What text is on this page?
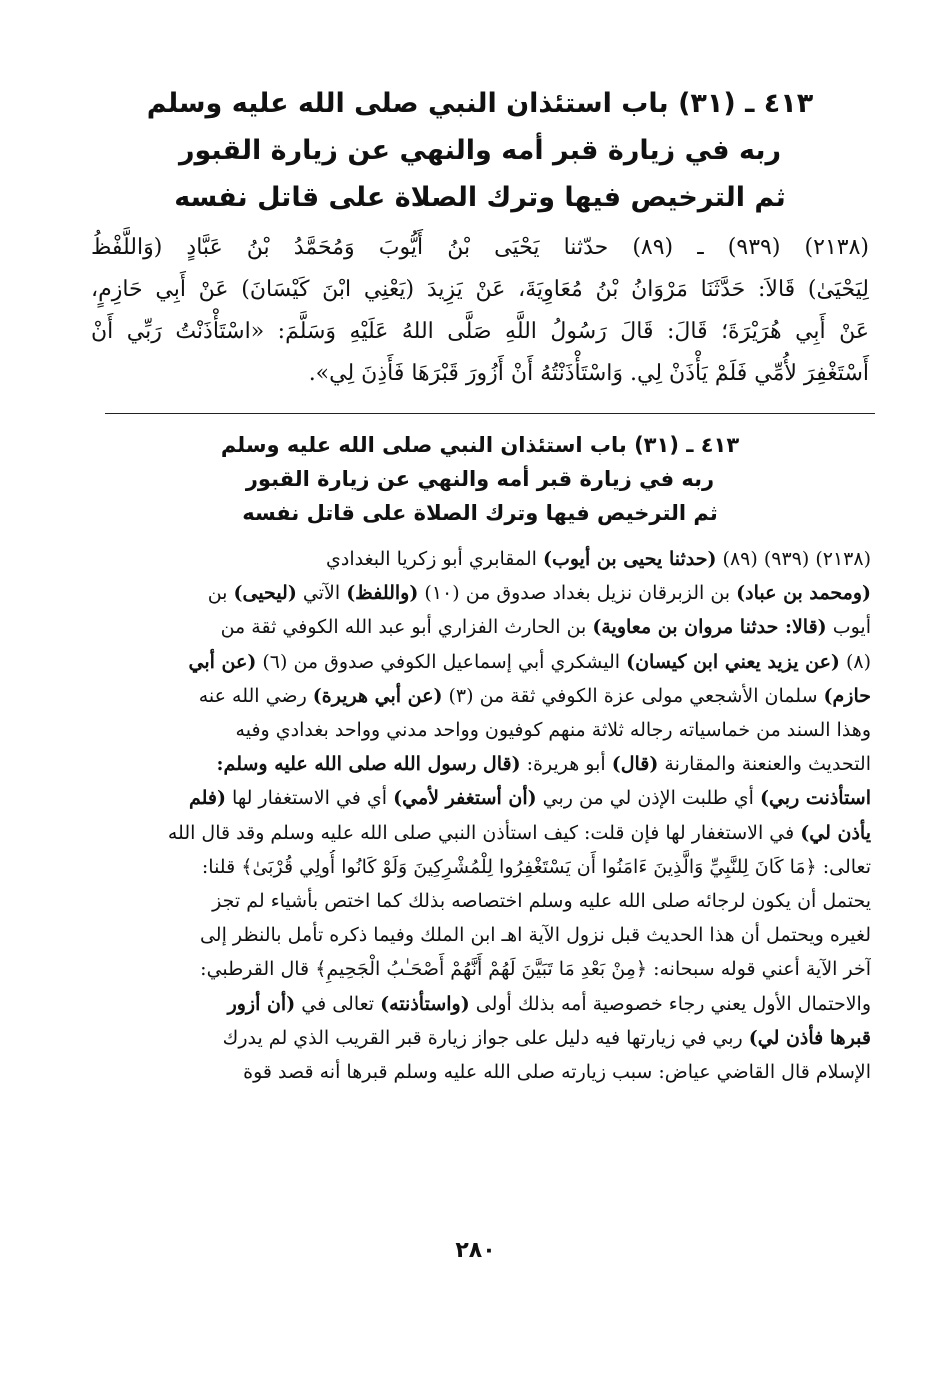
٤١٣ ـ (٣١) باب استئذان النبي صلى الله عليه وسلم
ربه في زيارة قبر أمه والنهي عن زيارة القبور
ثم الترخيص فيها وترك الصلاة على قاتل نفسه
(٢١٣٨) (٩٣٩) ـ (٨٩) حدّثنا يَحْيَى بْنُ أَيُّوبَ وَمُحَمَّدُ بْنُ عَبَّادٍ (وَاللَّفْظُ
لِيَحْيَىٰ) قَالاَ: حَدَّثَنَا مَرْوَانُ بْنُ مُعَاوِيَةَ، عَنْ يَزِيدَ (يَعْنِي ابْنَ كَيْسَانَ) عَنْ أَبِي حَازِمٍ،
عَنْ أَبِي هُرَيْرَةَ؛ قَالَ: قَالَ رَسُولُ اللَّهِ صَلَّى اللهُ عَلَيْهِ وَسَلَّمَ: «اسْتَأْذَنْتُ رَبِّي أَنْ
أَسْتَغْفِرَ لأُمِّي فَلَمْ يَأْذَنْ لِي. وَاسْتَأْذَنْتُهُ أَنْ أَزُورَ قَبْرَهَا فَأَذِنَ لِي».
٤١٣ ـ (٣١) باب استئذان النبي صلى الله عليه وسلم
ربه في زيارة قبر أمه والنهي عن زيارة القبور
ثم الترخيص فيها وترك الصلاة على قاتل نفسه
(٢١٣٨) (٩٣٩) (٨٩) (حدثنا يحيى بن أيوب) المقابري أبو زكريا البغدادي
(ومحمد بن عباد) بن الزبرقان نزيل بغداد صدوق من (١٠) (واللفظ) الآتي (ليحيى) بن
أيوب (قالا: حدثنا مروان بن معاوية) بن الحارث الفزاري أبو عبد الله الكوفي ثقة من
(٨) (عن يزيد يعني ابن كيسان) اليشكري أبي إسماعيل الكوفي صدوق من (٦) (عن أبي
حازم) سلمان الأشجعي مولى عزة الكوفي ثقة من (٣) (عن أبي هريرة) رضي الله عنه
وهذا السند من خماسياته رجاله ثلاثة منهم كوفيون وواحد مدني وواحد بغدادي وفيه
التحديث والعنعنة والمقارنة (قال) أبو هريرة: (قال رسول الله صلى الله عليه وسلم:
استأذنت ربي) أي طلبت الإذن لي من ربي (أن أستغفر لأمي) أي في الاستغفار لها (فلم
يأذن لي) في الاستغفار لها فإن قلت: كيف استأذن النبي صلى الله عليه وسلم وقد قال الله
تعالى: ﴿مَا كَانَ لِلنَّبِيِّ وَالَّذِينَ ءَامَنُوا أَن يَسْتَغْفِرُوا لِلْمُشْرِكِينَ وَلَوْ كَانُوا أُولِي قُرْبَىٰ﴾ قلنا:
يحتمل أن يكون لرجائه صلى الله عليه وسلم اختصاصه بذلك كما اختص بأشياء لم تجز
لغيره ويحتمل أن هذا الحديث قبل نزول الآية اهـ ابن الملك وفيما ذكره تأمل بالنظر إلى
آخر الآية أعني قوله سبحانه: ﴿مِنْ بَعْدِ مَا تَبَيَّنَ لَهُمْ أَنَّهُمْ أَصْحَـٰبُ الْجَحِيمِ﴾ قال القرطبي:
والاحتمال الأول يعني رجاء خصوصية أمه بذلك أولى (واستأذنته) تعالى في (أن أزور
قبرها فأذن لي) ربي في زيارتها فيه دليل على جواز زيارة قبر القريب الذي لم يدرك
الإسلام قال القاضي عياض: سبب زيارته صلى الله عليه وسلم قبرها أنه قصد قوة
٢٨٠
